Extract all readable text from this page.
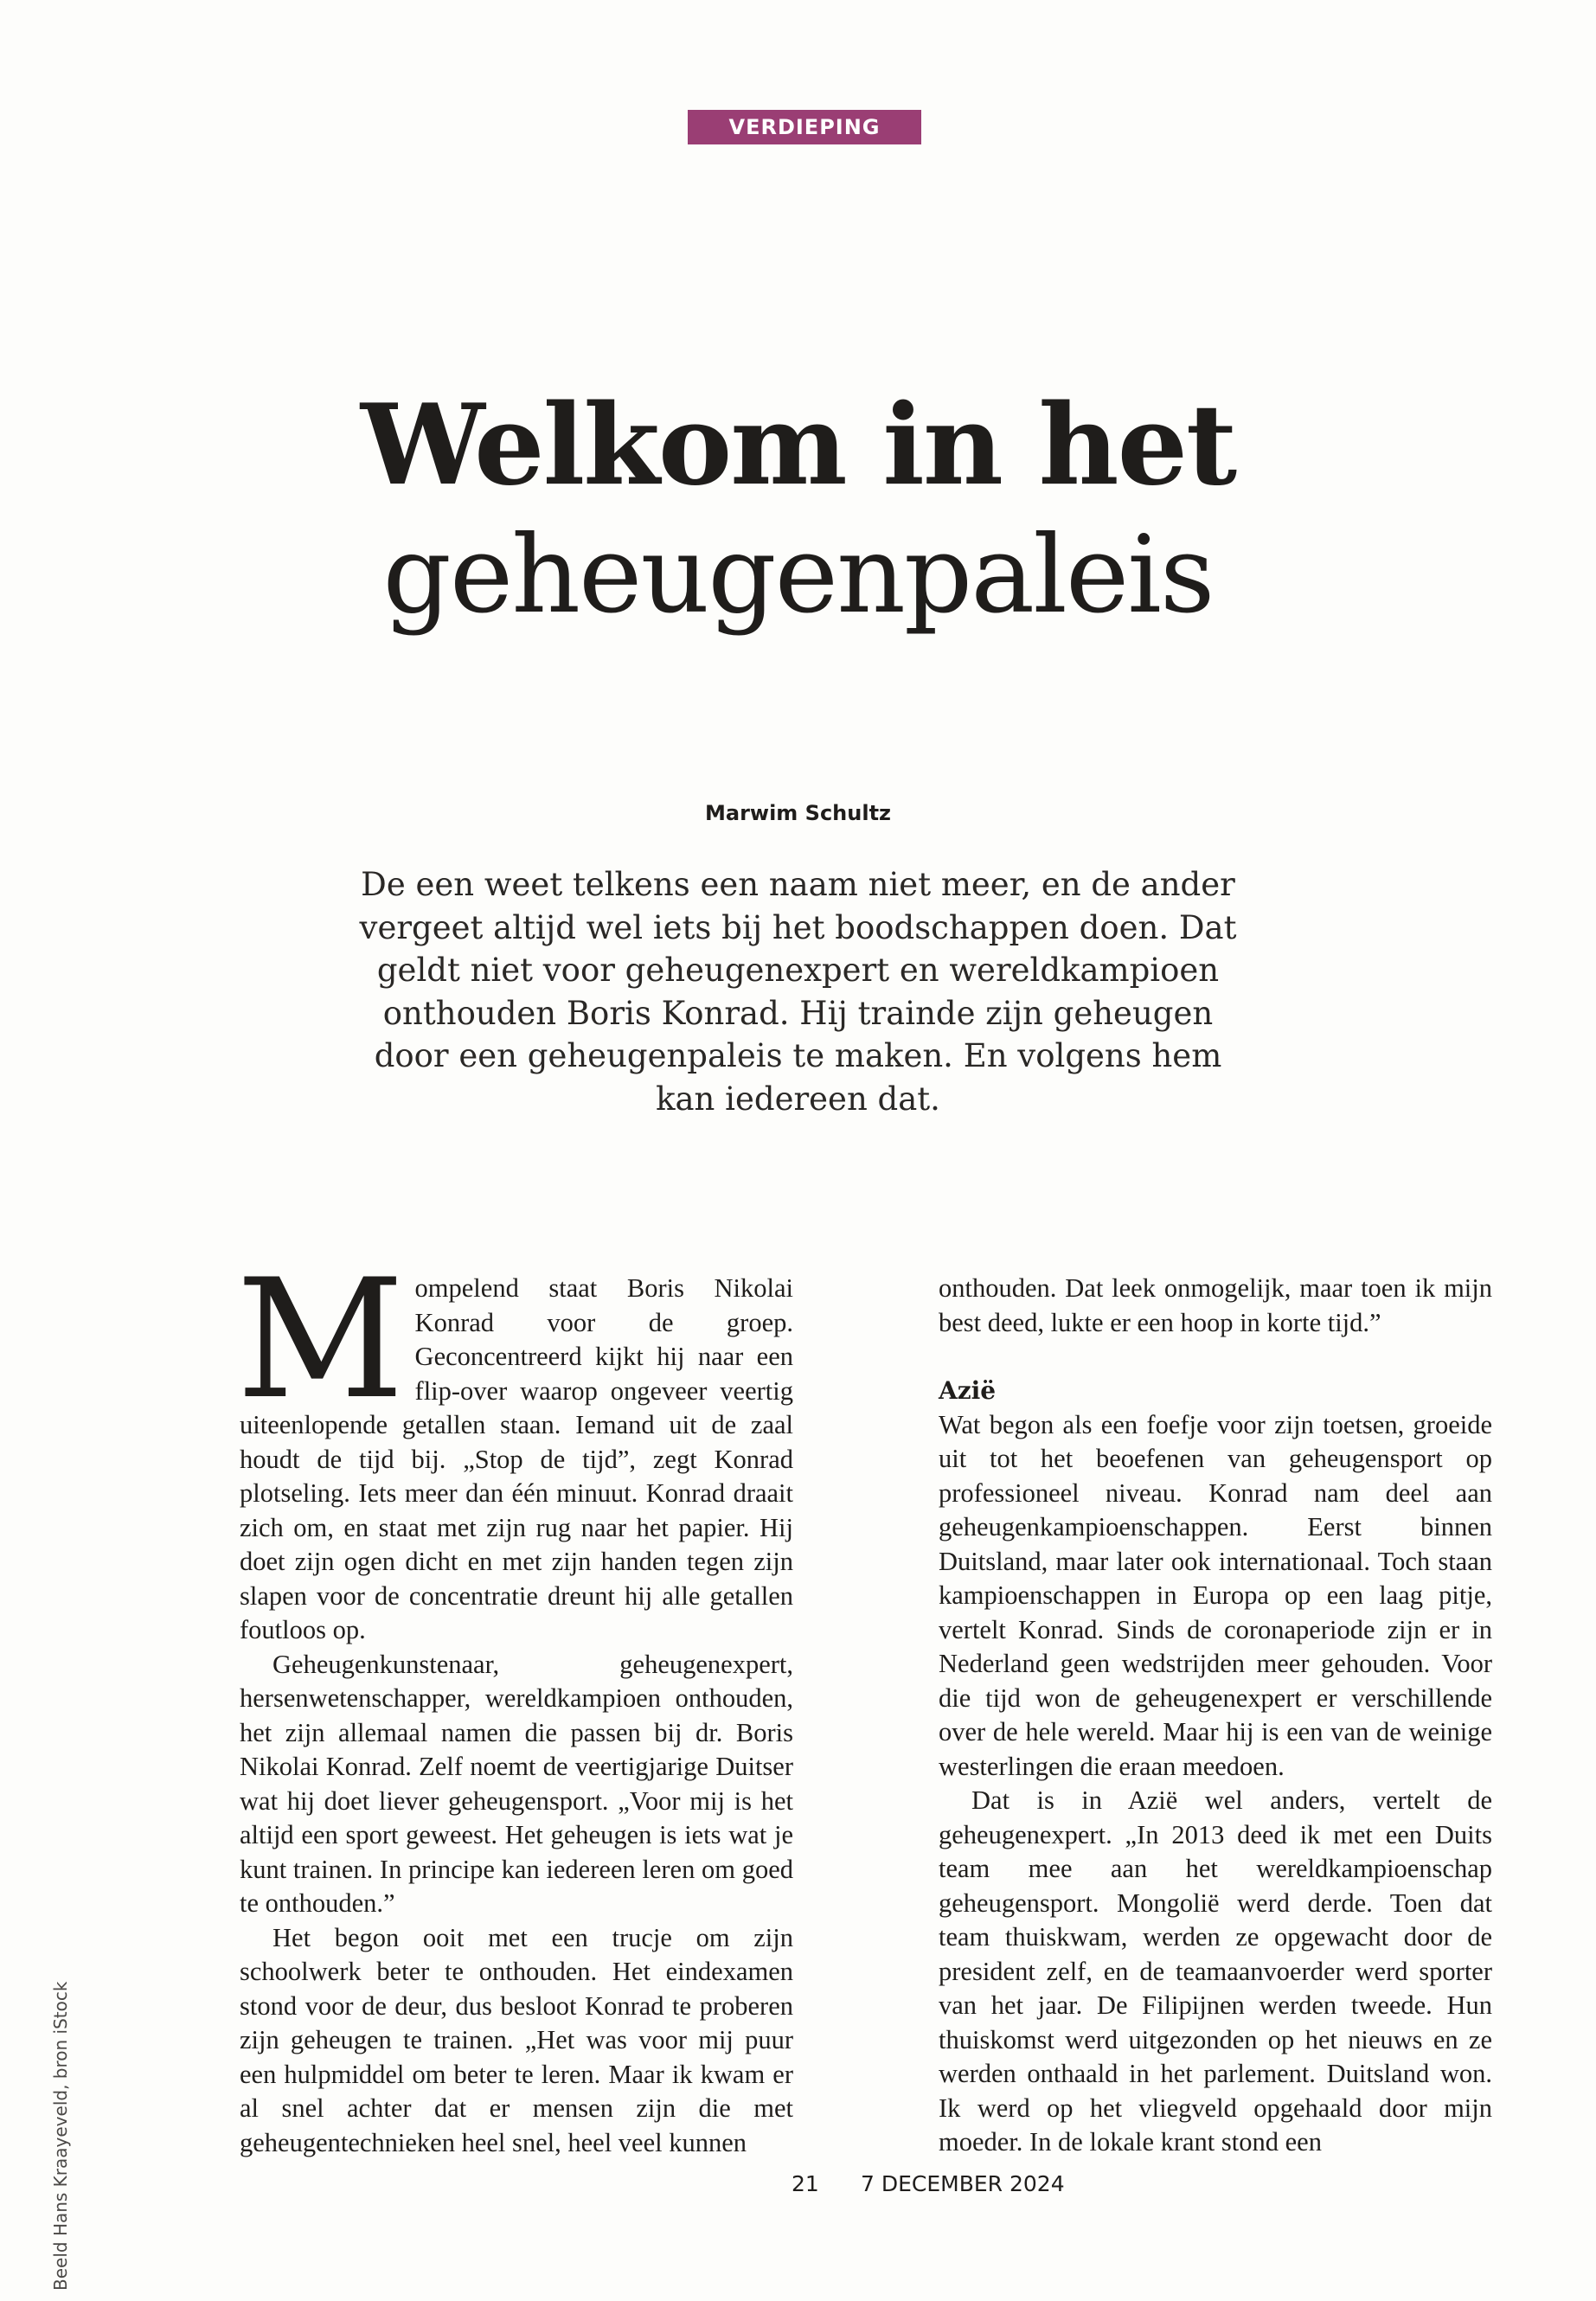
VERDIEPING
Welkom in het
geheugenpaleis
Marwim Schultz

De een weet telkens een naam niet meer, en de ander vergeet altijd wel iets bij het boodschappen doen. Dat geldt niet voor geheugenexpert en wereldkampioen onthouden Boris Konrad. Hij trainde zijn geheugen door een geheugenpaleis te maken. En volgens hem kan iedereen dat.

M ompelend staat Boris Nikolai Konrad voor de groep. Geconcentreerd kijkt hij naar een flip-over waarop ongeveer veertig uiteenlopende getallen staan. Iemand uit de zaal houdt de tijd bij. „Stop de tijd”, zegt Konrad plotseling. Iets meer dan één minuut. Konrad draait zich om, en staat met zijn rug naar het papier. Hij doet zijn ogen dicht en met zijn handen tegen zijn slapen voor de concentratie dreunt hij alle getallen foutloos op.

Geheugenkunstenaar, geheugenexpert, hersenwetenschapper, wereldkampioen onthouden, het zijn allemaal namen die passen bij dr. Boris Nikolai Konrad. Zelf noemt de veertigjarige Duitser wat hij doet liever geheugensport. „Voor mij is het altijd een sport geweest. Het geheugen is iets wat je kunt trainen. In principe kan iedereen leren om goed te onthouden.”

Het begon ooit met een trucje om zijn schoolwerk beter te onthouden. Het eindexamen stond voor de deur, dus besloot Konrad te proberen zijn geheugen te trainen. „Het was voor mij puur een hulpmiddel om beter te leren. Maar ik kwam er al snel achter dat er mensen zijn die met geheugentechnieken heel snel, heel veel kunnen

onthouden. Dat leek onmogelijk, maar toen ik mijn best deed, lukte er een hoop in korte tijd.”

Azië

Wat begon als een foefje voor zijn toetsen, groeide uit tot het beoefenen van geheugensport op professioneel niveau. Konrad nam deel aan geheugenkampioenschappen. Eerst binnen Duitsland, maar later ook internationaal. Toch staan kampioenschappen in Europa op een laag pitje, vertelt Konrad. Sinds de coronaperiode zijn er in Nederland geen wedstrijden meer gehouden. Voor die tijd won de geheugenexpert er verschillende over de hele wereld. Maar hij is een van de weinige westerlingen die eraan meedoen.

Dat is in Azië wel anders, vertelt de geheugenexpert. „In 2013 deed ik met een Duits team mee aan het wereldkampioenschap geheugensport. Mongolië werd derde. Toen dat team thuiskwam, werden ze opgewacht door de president zelf, en de teamaanvoerder werd sporter van het jaar. De Filipijnen werden tweede. Hun thuiskomst werd uitgezonden op het nieuws en ze werden onthaald in het parlement. Duitsland won. Ik werd op het vliegveld opgehaald door mijn moeder. In de lokale krant stond een

Beeld Hans Kraayeveld, bron iStock	21 7 DECEMBER 2024
